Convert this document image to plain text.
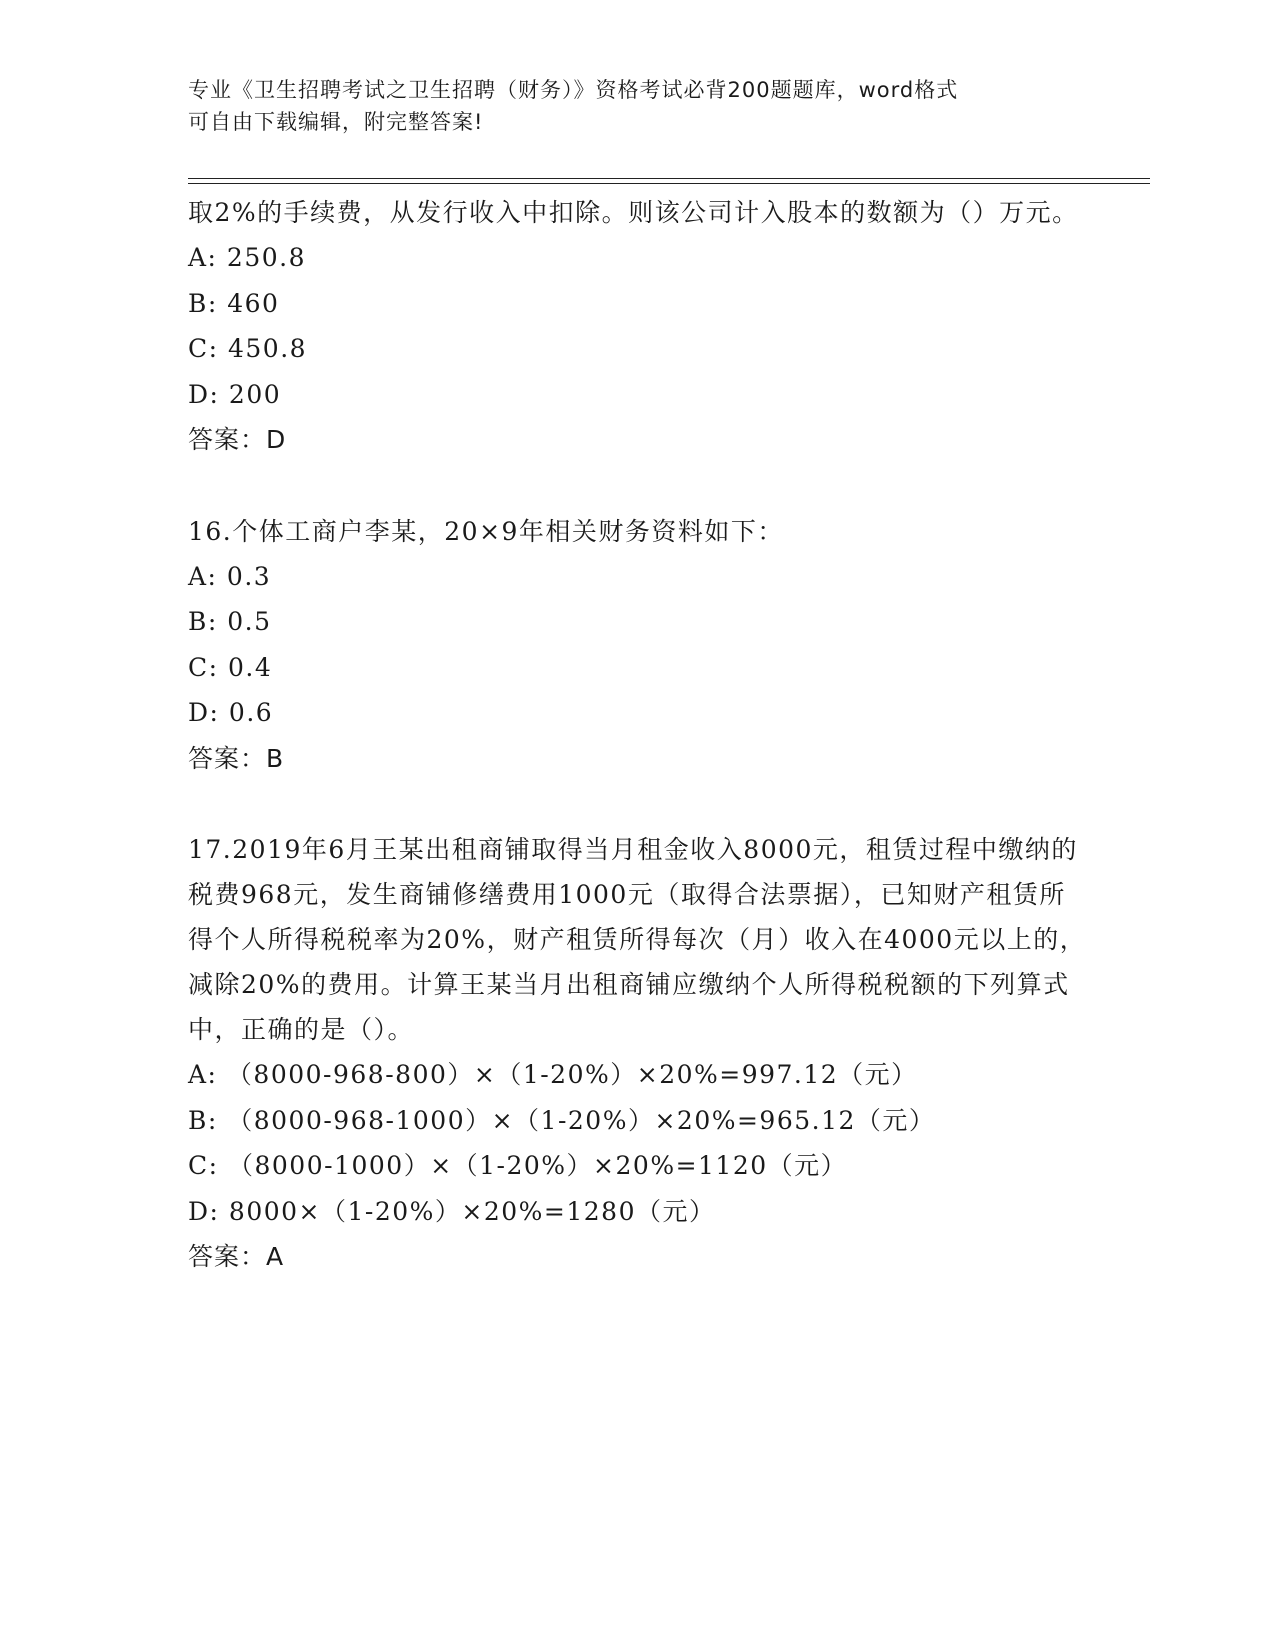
专业《卫生招聘考试之卫生招聘（财务）》资格考试必背200题题库，word格式
可自由下载编辑，附完整答案!

取2%的手续费，从发行收入中扣除。则该公司计入股本的数额为（）万元。

A: 250.8
B: 460
C: 450.8
D: 200
答案：D

16.个体工商户李某，20×9年相关财务资料如下：

A: 0.3
B: 0.5
C: 0.4
D: 0.6
答案：B

17.2019年6月王某出租商铺取得当月租金收入8000元，租赁过程中缴纳的税费968元，发生商铺修缮费用1000元（取得合法票据），已知财产租赁所得个人所得税税率为20%，财产租赁所得每次（月）收入在4000元以上的，减除20%的费用。计算王某当月出租商铺应缴纳个人所得税税额的下列算式中，正确的是（）。

A: （8000-968-800）×（1-20%）×20%=997.12（元）
B: （8000-968-1000）×（1-20%）×20%=965.12（元）
C: （8000-1000）×（1-20%）×20%=1120（元）
D: 8000×（1-20%）×20%=1280（元）
答案：A
